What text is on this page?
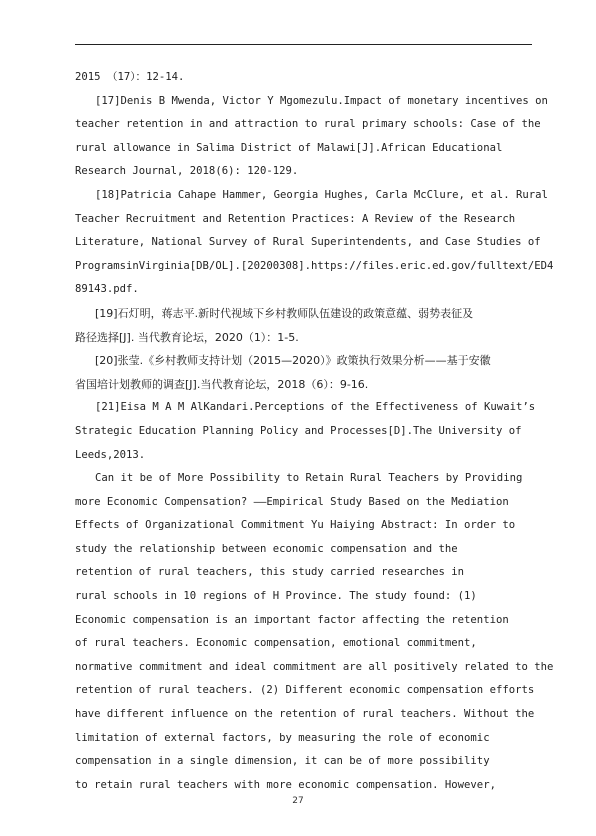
2015 （17）：12-14.

[17]Denis B Mwenda, Victor Y Mgomezulu.Impact of monetary incentives on
teacher retention in and attraction to rural primary schools: Case of the
rural allowance in Salima District of Malawi[J].African Educational
Research Journal, 2018(6): 120-129.

[18]Patricia Cahape Hammer, Georgia Hughes, Carla McClure, et al. Rural
Teacher Recruitment and Retention Practices: A Review of the Research
Literature, National Survey of Rural Superintendents, and Case Studies of
ProgramsinVirginia[DB/OL].[20200308].https://files.eric.ed.gov/fulltext/ED4
89143.pdf.

[19]石灯明，蒋志平.新时代视域下乡村教师队伍建设的政策意蕴、弱势表征及
路径选择[J]. 当代教育论坛，2020（1）：1-5.

[20]张莹.《乡村教师支持计划（2015—2020）》政策执行效果分析——基于安徽
省国培计划教师的调查[J].当代教育论坛，2018（6）：9-16.

[21]Eisa M A M AlKandari.Perceptions of the Effectiveness of Kuwait’s
Strategic Education Planning Policy and Processes[D].The University of
Leeds,2013.

Can it be of More Possibility to Retain Rural Teachers by Providing
more Economic Compensation? ——Empirical Study Based on the Mediation
Effects of Organizational Commitment Yu Haiying Abstract: In order to
study the relationship between economic compensation and the
retention of rural teachers, this study carried researches in
rural schools in 10 regions of H Province. The study found: (1)
Economic compensation is an important factor affecting the retention
of rural teachers. Economic compensation, emotional commitment,
normative commitment and ideal commitment are all positively related to the
retention of rural teachers. (2) Different economic compensation efforts
have different influence on the retention of rural teachers. Without the
limitation of external factors, by measuring the role of economic
compensation in a single dimension, it can be of more possibility
to retain rural teachers with more economic compensation. However,
27
